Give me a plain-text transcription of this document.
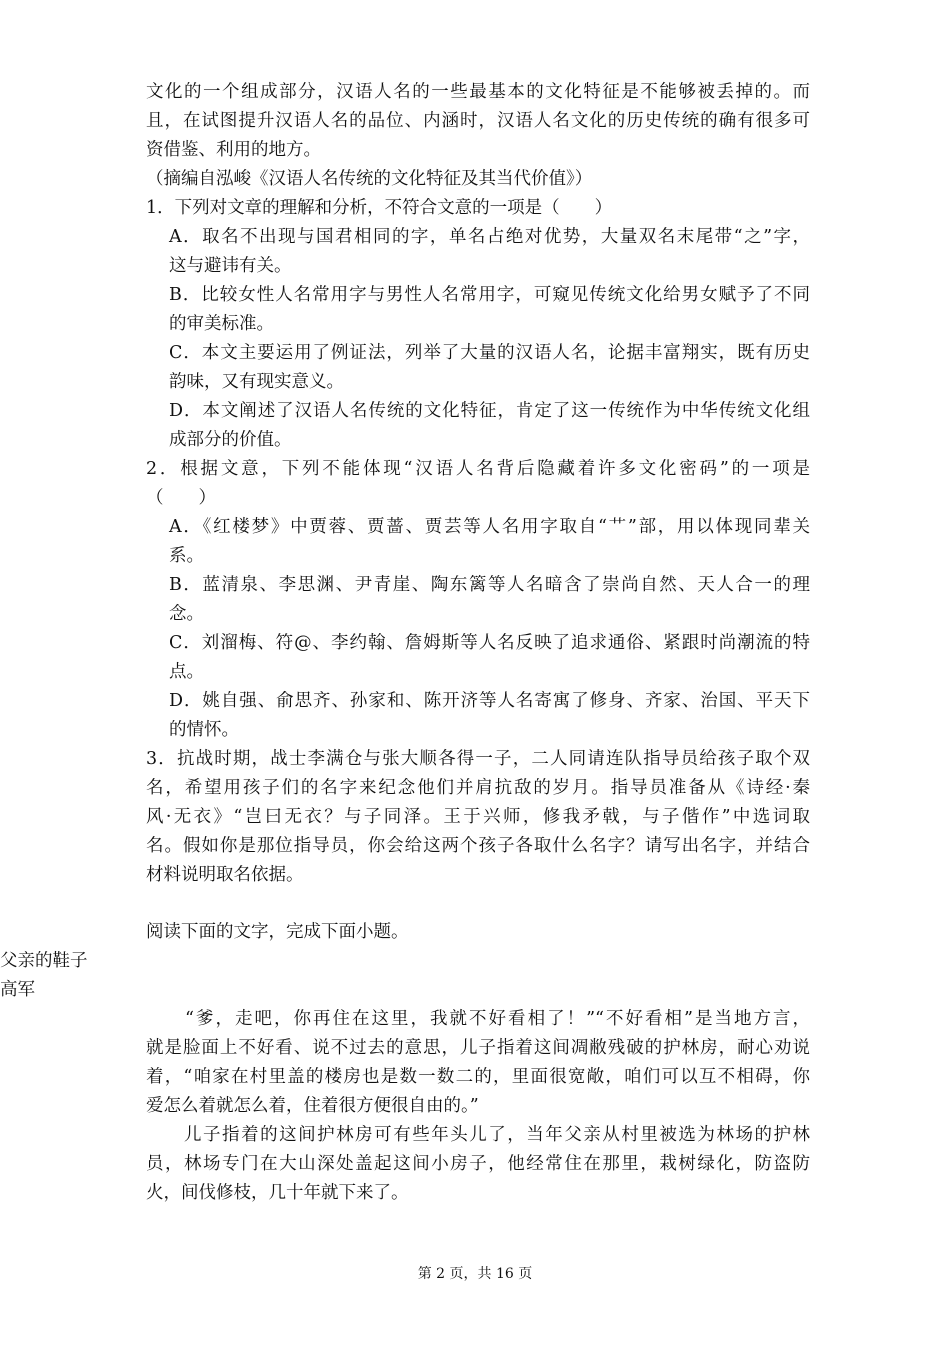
文化的一个组成部分，汉语人名的一些最基本的文化特征是不能够被丢掉的。而
且，在试图提升汉语人名的品位、内涵时，汉语人名文化的历史传统的确有很多可
资借鉴、利用的地方。
（摘编自泓峻《汉语人名传统的文化特征及其当代价值》）
1．下列对文章的理解和分析，不符合文意的一项是（　　）
A．取名不出现与国君相同的字，单名占绝对优势，大量双名末尾带“之”字，
这与避讳有关。
B．比较女性人名常用字与男性人名常用字，可窥见传统文化给男女赋予了不同
的审美标准。
C．本文主要运用了例证法，列举了大量的汉语人名，论据丰富翔实，既有历史
韵味，又有现实意义。
D．本文阐述了汉语人名传统的文化特征，肯定了这一传统作为中华传统文化组
成部分的价值。
2．根据文意，下列不能体现“汉语人名背后隐藏着许多文化密码”的一项是
（　　）
A．《红楼梦》中贾蓉、贾蔷、贾芸等人名用字取自“艹”部，用以体现同辈关
系。
B．蓝清泉、李思渊、尹青崖、陶东篱等人名暗含了崇尚自然、天人合一的理
念。
C．刘溜梅、符@、李约翰、詹姆斯等人名反映了追求通俗、紧跟时尚潮流的特
点。
D．姚自强、俞思齐、孙家和、陈开济等人名寄寓了修身、齐家、治国、平天下
的情怀。
3．抗战时期，战士李满仓与张大顺各得一子，二人同请连队指导员给孩子取个双
名，希望用孩子们的名字来纪念他们并肩抗敌的岁月。指导员准备从《诗经·秦
风·无衣》“岂曰无衣？与子同泽。王于兴师，修我矛戟，与子偕作”中选词取
名。假如你是那位指导员，你会给这两个孩子各取什么名字？请写出名字，并结合
材料说明取名依据。
阅读下面的文字，完成下面小题。
父亲的鞋子
高军
　　“爹，走吧，你再住在这里，我就不好看相了！”“不好看相”是当地方言，
就是脸面上不好看、说不过去的意思，儿子指着这间凋敝残破的护林房，耐心劝说
着，“咱家在村里盖的楼房也是数一数二的，里面很宽敞，咱们可以互不相碍，你
爱怎么着就怎么着，住着很方便很自由的。”
　　儿子指着的这间护林房可有些年头儿了，当年父亲从村里被选为林场的护林
员，林场专门在大山深处盖起这间小房子，他经常住在那里，栽树绿化，防盗防
火，间伐修枝，几十年就下来了。
第 2 页，共 16 页
